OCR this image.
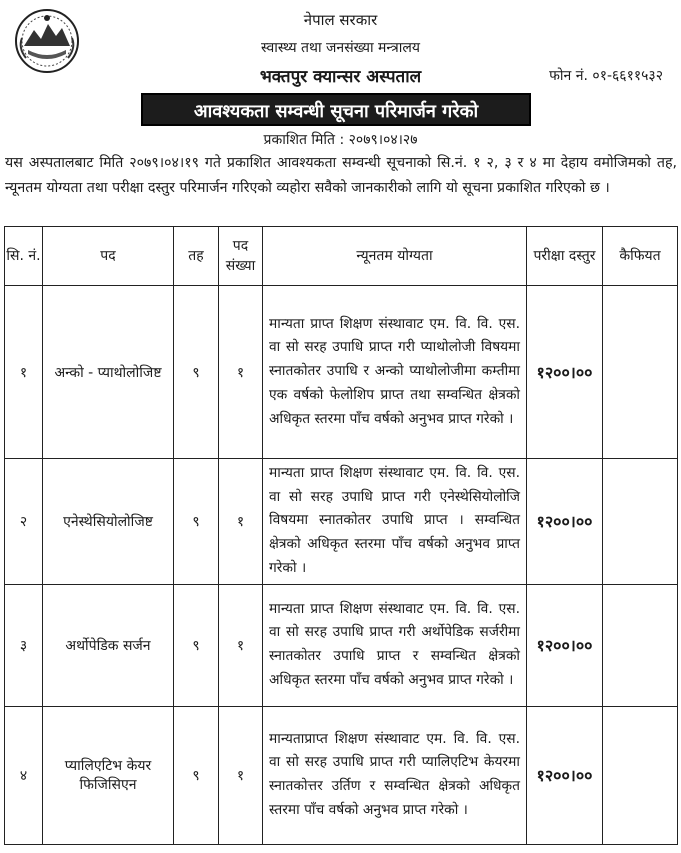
नेपाल सरकार
स्वास्थ्य तथा जनसंख्या मन्त्रालय
भक्तपुर क्यान्सर अस्पताल	फोन नं. ०१-६६११५३२
आवश्यकता सम्वन्धी सूचना परिमार्जन गरेको
प्रकाशित मिति : २०७९।०४।२७
यस अस्पतालबाट मिति २०७९।०४।१९ गते प्रकाशित आवश्यकता सम्वन्धी सूचनाको सि.नं. १ २, ३ र ४ मा देहाय वमोजिमको तह, न्यूनतम योग्यता तथा परीक्षा दस्तुर परिमार्जन गरिएको व्यहोरा सवैको जानकारीको लागि यो सूचना प्रकाशित गरिएको छ ।
सि. नं.	पद	तह	पद संख्या	न्यूनतम योग्यता	परीक्षा दस्तुर	कैफियत
१	अन्को - प्याथोलोजिष्ट	९	१	मान्यता प्राप्त शिक्षण संस्थावाट एम. वि. वि. एस. वा सो सरह उपाधि प्राप्त गरी प्याथोलोजी विषयमा स्नातकोतर उपाधि र अन्को प्याथोलोजीमा कम्तीमा एक वर्षको फेलोशिप प्राप्त तथा सम्वन्धित क्षेत्रको अधिकृत स्तरमा पाँच वर्षको अनुभव प्राप्त गरेको ।	१२००।००	
२	एनेस्थेसियोलोजिष्ट	९	१	मान्यता प्राप्त शिक्षण संस्थावाट एम. वि. वि. एस. वा सो सरह उपाधि प्राप्त गरी एनेस्थेसियोलोजि विषयमा स्नातकोतर उपाधि प्राप्त । सम्वन्धित क्षेत्रको अधिकृत स्तरमा पाँच वर्षको अनुभव प्राप्त गरेको ।	१२००।००	
३	अर्थोपेडिक सर्जन	९	१	मान्यता प्राप्त शिक्षण संस्थावाट एम. वि. वि. एस. वा सो सरह उपाधि प्राप्त गरी अर्थोपेडिक सर्जरीमा स्नातकोतर उपाधि प्राप्त र सम्वन्धित क्षेत्रको अधिकृत स्तरमा पाँच वर्षको अनुभव प्राप्त गरेको ।	१२००।००	
४	प्यालिएटिभ केयर फिजिसिएन	९	१	मान्यताप्राप्त शिक्षण संस्थावाट एम. वि. वि. एस. वा सो सरह उपाधि प्राप्त गरी प्यालिएटिभ केयरमा स्नातकोत्तर उर्तिण र सम्वन्धित क्षेत्रको अधिकृत स्तरमा पाँच वर्षको अनुभव प्राप्त गरेको ।	१२००।००	
